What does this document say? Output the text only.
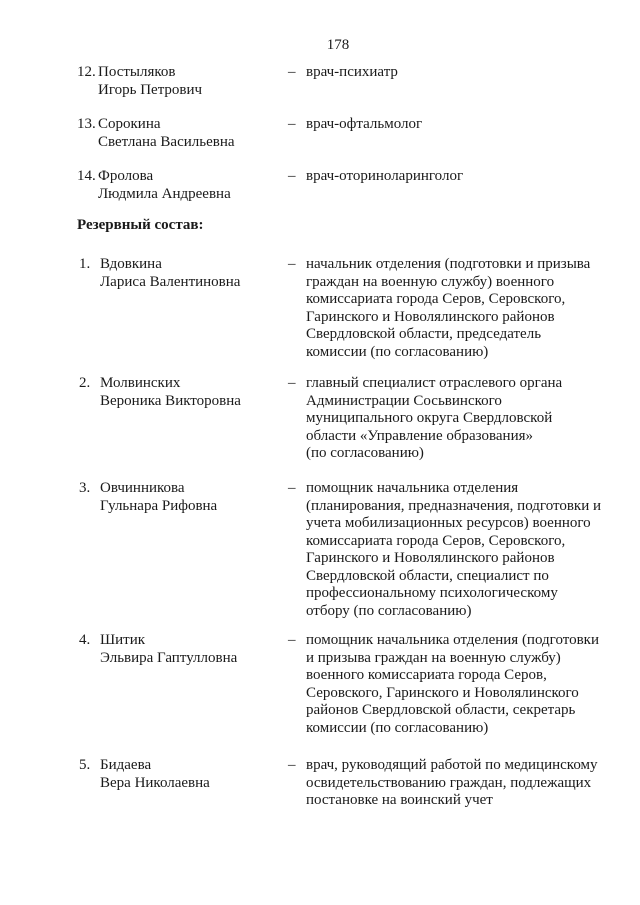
178
12. Постыляков
Игорь Петрович
– врач-психиатр
13. Сорокина
Светлана Васильевна
– врач-офтальмолог
14. Фролова
Людмила Андреевна
– врач-оториноларинголог
Резервный состав:
1. Вдовкина
Лариса Валентиновна
– начальник отделения (подготовки и призыва
граждан на военную службу) военного
комиссариата города Серов, Серовского,
Гаринского и Новолялинского районов
Свердловской области, председатель
комиссии (по согласованию)
2. Молвинских
Вероника Викторовна
– главный специалист отраслевого органа
Администрации Сосьвинского
муниципального округа Свердловской
области «Управление образования»
(по согласованию)
3. Овчинникова
Гульнара Рифовна
– помощник начальника отделения
(планирования, предназначения, подготовки и
учета мобилизационных ресурсов) военного
комиссариата города Серов, Серовского,
Гаринского и Новолялинского районов
Свердловской области, специалист по
профессиональному психологическому
отбору (по согласованию)
4. Шитик
Эльвира Гаптулловна
– помощник начальника отделения (подготовки
и призыва граждан на военную службу)
военного комиссариата города Серов,
Серовского, Гаринского и Новолялинского
районов Свердловской области, секретарь
комиссии (по согласованию)
5. Бидаева
Вера Николаевна
– врач, руководящий работой по медицинскому
освидетельствованию граждан, подлежащих
постановке на воинский учет
